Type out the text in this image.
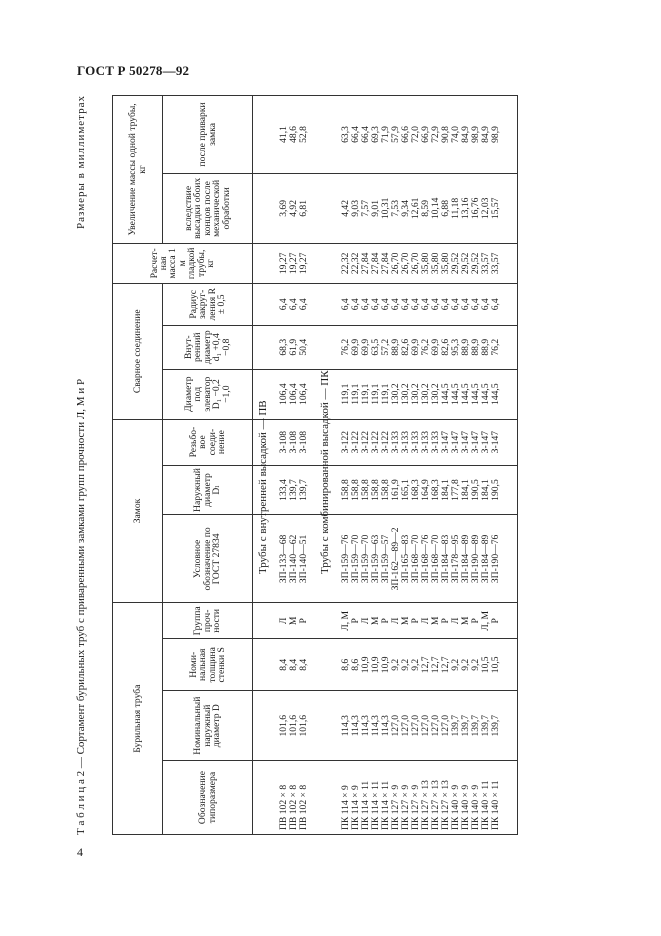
ГОСТ Р 50278—92
4
Т а б л и ц а 2 — Сортамент бурильных труб с приваренными замками групп прочности Л, М и Р
Размеры в миллиметрах
Бурильная труба				Замок			Сварное соединение			Расчетная масса 1 м гладкой трубы, кг	Увеличение массы одной трубы, кг	
Обозначение типоразмера	Номинальный наружный диаметр D	Номинальная толщина стенки S	Группа прочности	Условное обозначение по ГОСТ 27834	Наружный диаметр Dₗ	Резьбовое соединение	Диаметр под элеватор D₁ −0,2 −1,0	Внутренний диаметр d₁ +0,4 −0,8	Радиус закругления R ± 0,5		вследствие высадки обоих концов после механической обработки	после приварки замка

Трубы с внутренней высадкой — ПВ												

ПВ 102 × 8	101,6	8,4	Л	ЗП-133—68	133,4	З-108	106,4	68,3	6,4	19,27	3,69	41,1
ПВ 102 × 8	101,6	8,4	М	ЗП-140—62	139,7	З-108	106,4	61,9	6,4	19,27	4,92	48,6
ПВ 102 × 8	101,6	8,4	Р	ЗП-140—51	139,7	З-108	106,4	50,4	6,4	19,27	6,81	52,8

Трубы с комбинированной высадкой — ПК												

ПК 114 × 9	114,3	8,6	Л, М	ЗП-159—76	158,8	З-122	119,1	76,2	6,4	22,32	4,42	63,3
ПК 114 × 9	114,3	8,6	Р	ЗП-159—70	158,8	З-122	119,1	69,9	6,4	22,32	9,03	66,4
ПК 114 × 11	114,3	10,9	Л	ЗП-159—70	158,8	З-122	119,1	69,9	6,4	27,84	7,57	66,4
ПК 114 × 11	114,3	10,9	М	ЗП-159—63	158,8	З-122	119,1	63,5	6,4	27,84	9,01	69,3
ПК 114 × 11	114,3	10,9	Р	ЗП-159—57	158,8	З-122	119,1	57,2	6,4	27,84	10,31	71,9
ПК 127 × 9	127,0	9,2	Л	ЗП-162—89—2	161,9	З-133	130,2	88,9	6,4	26,70	7,53	57,9
ПК 127 × 9	127,0	9,2	М	ЗП-165—83	165,1	З-133	130,2	82,6	6,4	26,70	9,34	66,6
ПК 127 × 9	127,0	9,2	Р	ЗП-168—70	168,3	З-133	130,2	69,9	6,4	26,70	12,61	72,0
ПК 127 × 13	127,0	12,7	Л	ЗП-168—76	164,9	З-133	130,2	76,2	6,4	35,80	8,59	66,9
ПК 127 × 13	127,0	12,7	М	ЗП-168—70	168,3	З-133	130,2	69,9	6,4	35,80	10,14	72,9
ПК 127 × 13	127,0	12,7	Р	ЗП-184—83	184,1	З-147	144,5	82,6	6,4	35,80	6,88	90,8
ПК 140 × 9	139,7	9,2	Л	ЗП-178—95	177,8	З-147	144,5	95,3	6,4	29,52	11,18	74,0
ПК 140 × 9	139,7	9,2	М	ЗП-184—89	184,1	З-147	144,5	88,9	6,4	29,52	13,16	84,9
ПК 140 × 9	139,7	9,2	Р	ЗП-190—89	190,5	З-147	144,5	88,9	6,4	29,52	16,76	98,9
ПК 140 × 11	139,7	10,5	Л, М	ЗП-184—89	184,1	З-147	144,5	88,9	6,4	33,57	12,03	84,9
ПК 140 × 11	139,7	10,5	Р	ЗП-190—76	190,5	З-147	144,5	76,2	6,4	33,57	15,57	98,9
